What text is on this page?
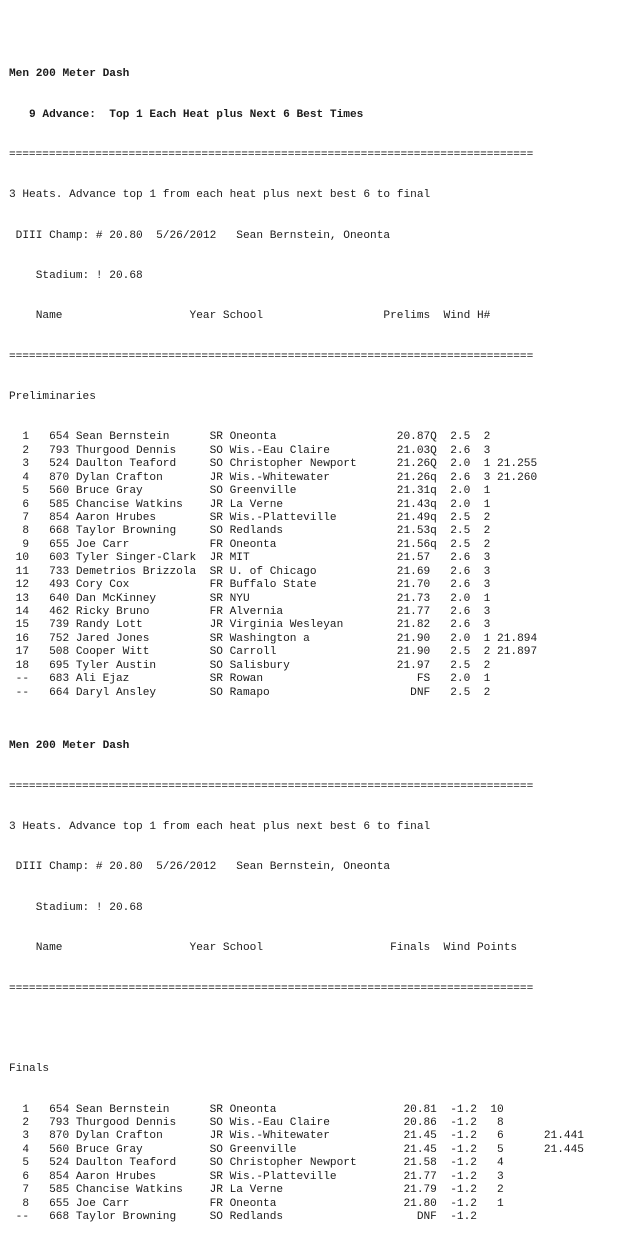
Men 200 Meter Dash

9 Advance:  Top 1 Each Heat plus Next 6 Best Times

===============================================================================

3 Heats. Advance top 1 from each heat plus next best 6 to final

DIII Champ: # 20.80  5/26/2012   Sean Bernstein, Oneonta

Stadium: ! 20.68

Name                   Year School                  Prelims  Wind H#

===============================================================================

Preliminaries

1   654 Sean Bernstein      SR Oneonta                  20.87Q  2.5  2
2   793 Thurgood Dennis     SO Wis.-Eau Claire          21.03Q  2.6  3
3   524 Daulton Teaford     SO Christopher Newport      21.26Q  2.0  1 21.255
4   870 Dylan Crafton       JR Wis.-Whitewater          21.26q  2.6  3 21.260
5   560 Bruce Gray          SO Greenville               21.31q  2.0  1
6   585 Chancise Watkins    JR La Verne                 21.43q  2.0  1
7   854 Aaron Hrubes        SR Wis.-Platteville         21.49q  2.5  2
8   668 Taylor Browning     SO Redlands                 21.53q  2.5  2
9   655 Joe Carr            FR Oneonta                  21.56q  2.5  2
10   603 Tyler Singer-Clark  JR MIT                      21.57   2.6  3
11   733 Demetrios Brizzola  SR U. of Chicago            21.69   2.6  3
12   493 Cory Cox            FR Buffalo State            21.70   2.6  3
13   640 Dan McKinney        SR NYU                      21.73   2.0  1
14   462 Ricky Bruno         FR Alvernia                 21.77   2.6  3
15   739 Randy Lott          JR Virginia Wesleyan        21.82   2.6  3
16   752 Jared Jones         SR Washington a             21.90   2.0  1 21.894
17   508 Cooper Witt         SO Carroll                  21.90   2.5  2 21.897
18   695 Tyler Austin        SO Salisbury                21.97   2.5  2
--   683 Ali Ejaz            SR Rowan                       FS   2.0  1
--   664 Daryl Ansley        SO Ramapo                     DNF   2.5  2

Men 200 Meter Dash

===============================================================================

3 Heats. Advance top 1 from each heat plus next best 6 to final

DIII Champ: # 20.80  5/26/2012   Sean Bernstein, Oneonta

Stadium: ! 20.68

Name                   Year School                   Finals  Wind Points

===============================================================================

Finals

1   654 Sean Bernstein      SR Oneonta                   20.81  -1.2  10
2   793 Thurgood Dennis     SO Wis.-Eau Claire           20.86  -1.2   8
3   870 Dylan Crafton       JR Wis.-Whitewater           21.45  -1.2   6      21.441
4   560 Bruce Gray          SO Greenville                21.45  -1.2   5      21.445
5   524 Daulton Teaford     SO Christopher Newport       21.58  -1.2   4
6   854 Aaron Hrubes        SR Wis.-Platteville          21.77  -1.2   3
7   585 Chancise Watkins    JR La Verne                  21.79  -1.2   2
8   655 Joe Carr            FR Oneonta                   21.80  -1.2   1
--   668 Taylor Browning     SO Redlands                    DNF  -1.2
